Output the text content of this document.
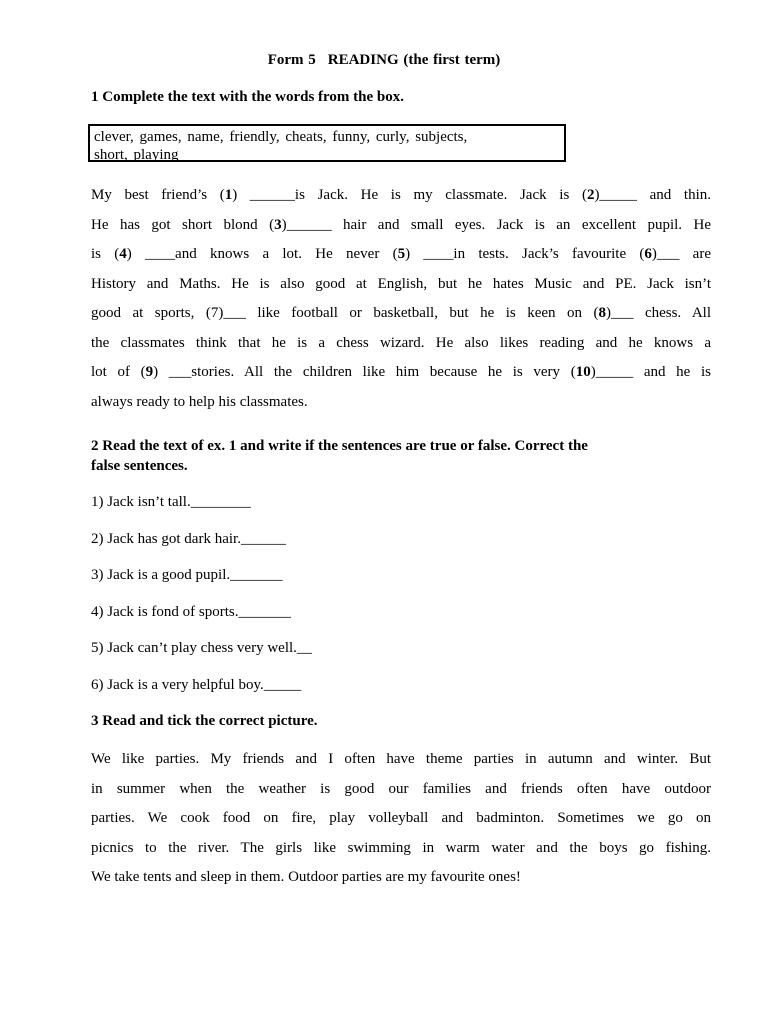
Form 5 READING (the first term)
1 Complete the text with the words from the box.
clever, games, name, friendly, cheats, funny, curly, subjects,
short, playing
My best friend’s (1) ______is Jack. He is my classmate. Jack is (2)_____ and thin.
He has got short blond (3)______ hair and small eyes. Jack is an excellent pupil. He
is (4) ____and knows a lot. He never (5) ____in tests. Jack’s favourite (6)___ are
History and Maths. He is also good at English, but he hates Music and PE. Jack isn’t
good at sports, (7)___ like football or basketball, but he is keen on (8)___ chess. All
the classmates think that he is a chess wizard. He also likes reading and he knows a
lot of (9) ___stories. All the children like him because he is very (10)_____ and he is
always ready to help his classmates.
2 Read the text of ex. 1 and write if the sentences are true or false. Correct the
false sentences.
1) Jack isn’t tall.________
2) Jack has got dark hair.______
3) Jack is a good pupil._______
4) Jack is fond of sports._______
5) Jack can’t play chess very well.__
6) Jack is a very helpful boy._____
3 Read and tick the correct picture.
We like parties. My friends and I often have theme parties in autumn and winter. But
in summer when the weather is good our families and friends often have outdoor
parties. We cook food on fire, play volleyball and badminton. Sometimes we go on
picnics to the river. The girls like swimming in warm water and the boys go fishing.
We take tents and sleep in them. Outdoor parties are my favourite ones!
